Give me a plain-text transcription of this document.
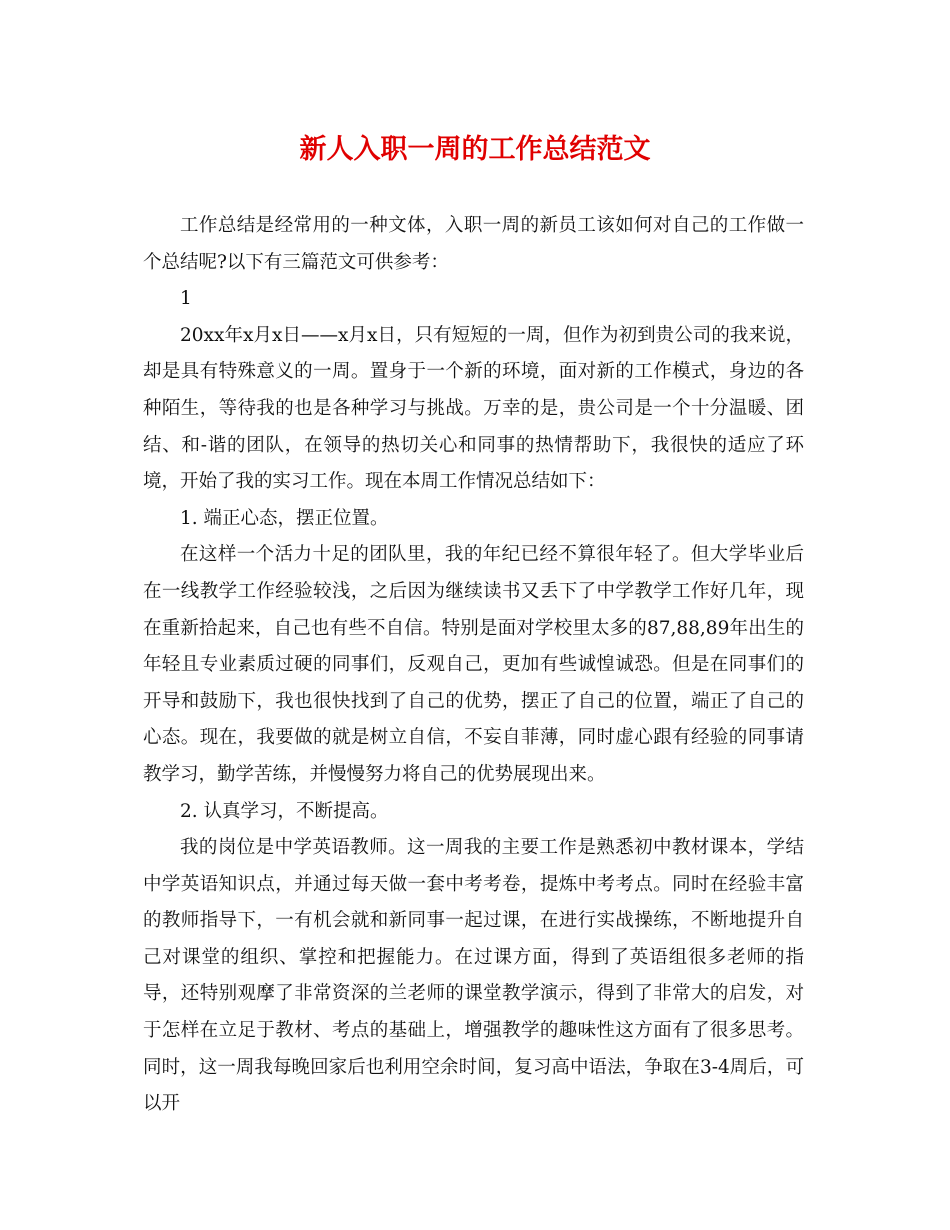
新人入职一周的工作总结范文

工作总结是经常用的一种文体，入职一周的新员工该如何对自己的工作做一个总结呢?以下有三篇范文可供参考：

1

20xx年x月x日——x月x日，只有短短的一周，但作为初到贵公司的我来说，却是具有特殊意义的一周。置身于一个新的环境，面对新的工作模式，身边的各种陌生，等待我的也是各种学习与挑战。万幸的是，贵公司是一个十分温暖、团结、和-谐的团队，在领导的热切关心和同事的热情帮助下，我很快的适应了环境，开始了我的实习工作。现在本周工作情况总结如下：

1. 端正心态，摆正位置。

在这样一个活力十足的团队里，我的年纪已经不算很年轻了。但大学毕业后在一线教学工作经验较浅，之后因为继续读书又丢下了中学教学工作好几年，现在重新拾起来，自己也有些不自信。特别是面对学校里太多的87,88,89年出生的年轻且专业素质过硬的同事们，反观自己，更加有些诚惶诚恐。但是在同事们的开导和鼓励下，我也很快找到了自己的优势，摆正了自己的位置，端正了自己的心态。现在，我要做的就是树立自信，不妄自菲薄，同时虚心跟有经验的同事请教学习，勤学苦练，并慢慢努力将自己的优势展现出来。

2. 认真学习，不断提高。

我的岗位是中学英语教师。这一周我的主要工作是熟悉初中教材课本，学结中学英语知识点，并通过每天做一套中考考卷，提炼中考考点。同时在经验丰富的教师指导下，一有机会就和新同事一起过课，在进行实战操练，不断地提升自己对课堂的组织、掌控和把握能力。在过课方面，得到了英语组很多老师的指导，还特别观摩了非常资深的兰老师的课堂教学演示，得到了非常大的启发，对于怎样在立足于教材、考点的基础上，增强教学的趣味性这方面有了很多思考。同时，这一周我每晚回家后也利用空余时间，复习高中语法，争取在3-4周后，可以开
